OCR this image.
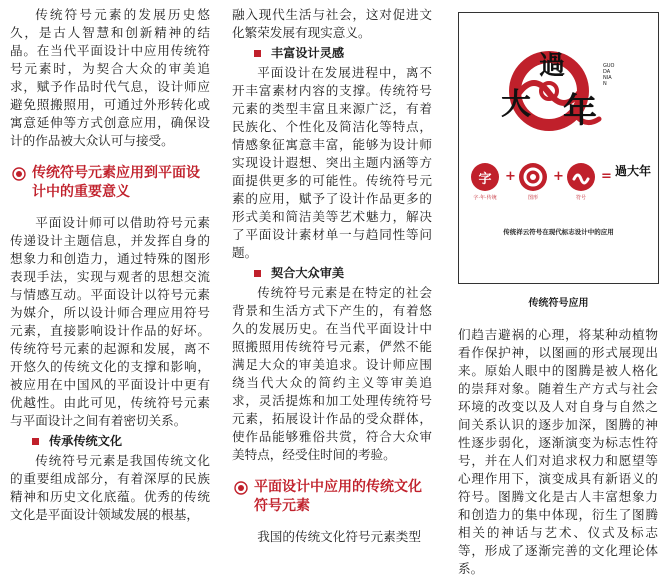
传统符号元素的发展历史悠久，是古人智慧和创新精神的结晶。在当代平面设计中应用传统符号元素时，为契合大众的审美追求，赋予作品时代气息，设计师应避免照搬照用，可通过外形转化或寓意延伸等方式创意应用，确保设计的作品被大众认可与接受。

传统符号元素应用到平面设计中的重要意义

平面设计师可以借助符号元素传递设计主题信息，并发挥自身的想象力和创造力，通过特殊的图形表现手法，实现与观者的思想交流与情感互动。平面设计以符号元素为媒介，所以设计师合理应用符号元素，直接影响设计作品的好坏。传统符号元素的起源和发展，离不开悠久的传统文化的支撑和影响，被应用在中国风的平面设计中更有优越性。由此可见，传统符号元素与平面设计之间有着密切关系。

传承传统文化

传统符号元素是我国传统文化的重要组成部分，有着深厚的民族精神和历史文化底蕴。优秀的传统文化是平面设计领域发展的根基，

融入现代生活与社会，这对促进文化繁荣发展有现实意义。

丰富设计灵感

平面设计在发展进程中，离不开丰富素材内容的支撑。传统符号元素的类型丰富且来源广泛，有着民族化、个性化及简洁化等特点，情感象征寓意丰富，能够为设计师实现设计遐想、突出主题内涵等方面提供更多的可能性。传统符号元素的应用，赋予了设计作品更多的形式美和简洁美等艺术魅力，解决了平面设计素材单一与趋同性等问题。

契合大众审美

传统符号元素是在特定的社会背景和生活方式下产生的，有着悠久的发展历史。在当代平面设计中照搬照用传统符号元素，俨然不能满足大众的审美追求。设计师应围绕当代大众的简约主义等审美追求，灵活提炼和加工处理传统符号元素，拓展设计作品的受众群体，使作品能够雅俗共赏，符合大众审美特点，经受住时间的考验。

平面设计中应用的传统文化符号元素

我国的传统文化符号元素类型

過
大 年
GUO DA NIAN
字
字·年·传统
+
图形
+
符号
= 過大年
传统祥云符号在现代标志设计中的应用
传统符号应用

们趋吉避祸的心理，将某种动植物看作保护神，以图画的形式展现出来。原始人眼中的图腾是被人格化的崇拜对象。随着生产方式与社会环境的改变以及人对自身与自然之间关系认识的逐步加深，图腾的神性逐步弱化，逐渐演变为标志性符号，并在人们对追求权力和愿望等心理作用下，演变成具有新语义的符号。图腾文化是古人丰富想象力和创造力的集中体现，衍生了图腾相关的神话与艺术、仪式及标志等，形成了逐渐完善的文化理论体系。
